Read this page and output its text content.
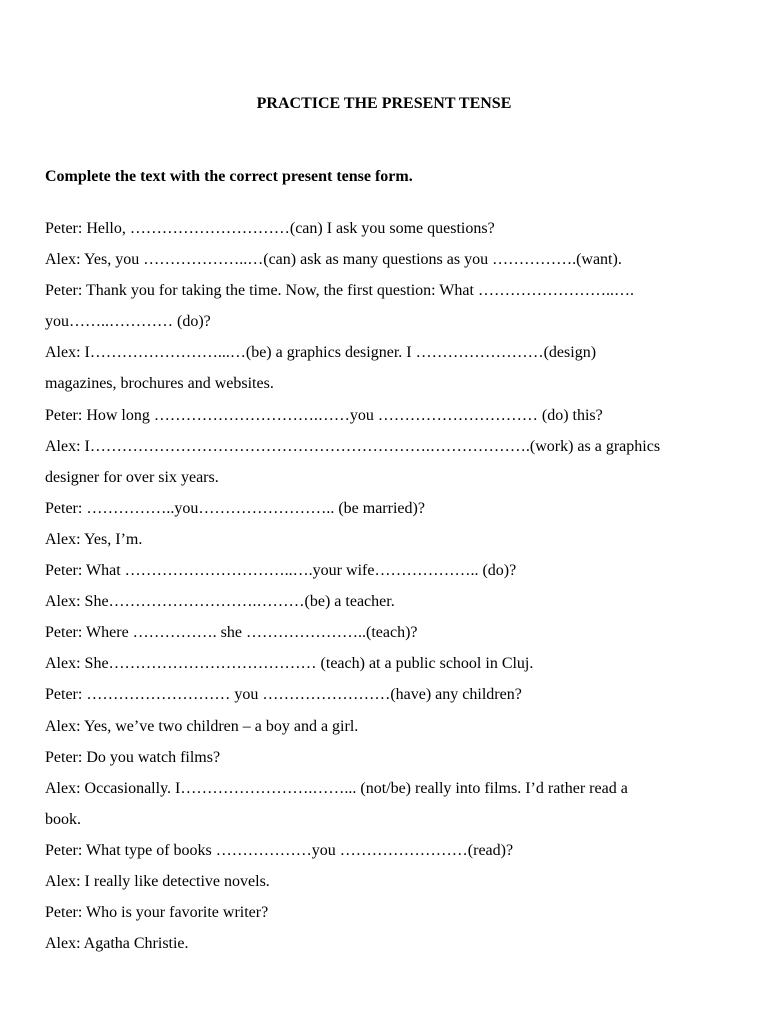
PRACTICE THE PRESENT TENSE
Complete the text with the correct present tense form.
Peter: Hello, …………………………(can) I ask you some questions?
Alex: Yes, you ………………..…(can) ask as many questions as you …………….(want).
Peter: Thank you for taking the time. Now, the first question: What ……………………..….
you……..………… (do)?
Alex: I……………………...…(be) a graphics designer. I ……………………(design)
magazines, brochures and websites.
Peter: How long ………………………….……you ………………………… (do) this?
Alex: I……………………………………………………….……………….(work) as a graphics
designer for over six years.
Peter: ……………..you…………………….. (be married)?
Alex: Yes, I’m.
Peter: What …………………………..….your wife……………….. (do)?
Alex: She……………………….………(be) a teacher.
Peter: Where ……………. she …………………..(teach)?
Alex: She………………………………… (teach) at a public school in Cluj.
Peter: ……………………… you ……………………(have) any children?
Alex: Yes, we’ve two children – a boy and a girl.
Peter: Do you watch films?
Alex: Occasionally. I…………………….……... (not/be) really into films. I’d rather read a
book.
Peter: What type of books ………………you ……………………(read)?
Alex: I really like detective novels.
Peter: Who is your favorite writer?
Alex: Agatha Christie.
